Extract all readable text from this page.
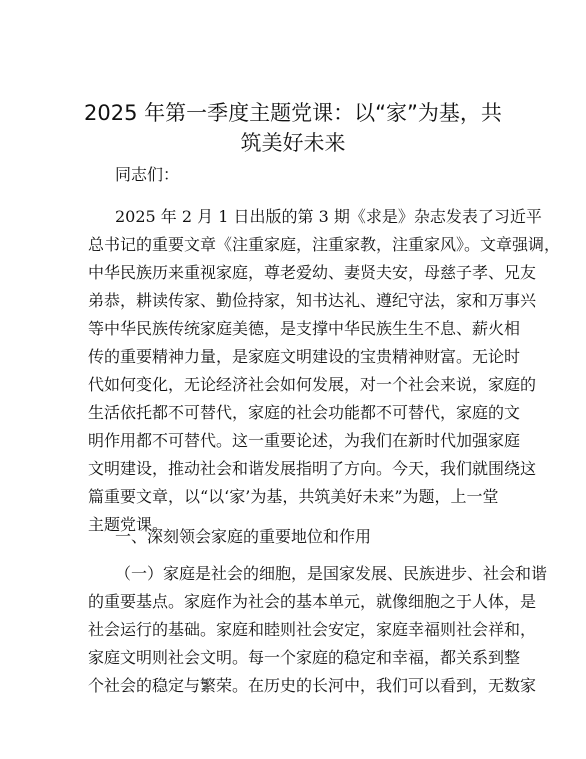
2025 年第一季度主题党课：以“家”为基，共
筑美好未来
同志们：
2025 年 2 月 1 日出版的第 3 期《求是》杂志发表了习近平
总书记的重要文章《注重家庭，注重家教，注重家风》。文章强调，
中华民族历来重视家庭，尊老爱幼、妻贤夫安，母慈子孝、兄友
弟恭，耕读传家、勤俭持家，知书达礼、遵纪守法，家和万事兴
等中华民族传统家庭美德，是支撑中华民族生生不息、薪火相
传的重要精神力量，是家庭文明建设的宝贵精神财富。无论时
代如何变化，无论经济社会如何发展，对一个社会来说，家庭的
生活依托都不可替代，家庭的社会功能都不可替代，家庭的文
明作用都不可替代。这一重要论述，为我们在新时代加强家庭
文明建设，推动社会和谐发展指明了方向。今天，我们就围绕这
篇重要文章，以“以‘家’为基，共筑美好未来”为题，上一堂
主题党课。
一、深刻领会家庭的重要地位和作用
（一）家庭是社会的细胞，是国家发展、民族进步、社会和谐
的重要基点。家庭作为社会的基本单元，就像细胞之于人体，是
社会运行的基础。家庭和睦则社会安定，家庭幸福则社会祥和，
家庭文明则社会文明。每一个家庭的稳定和幸福，都关系到整
个社会的稳定与繁荣。在历史的长河中，我们可以看到，无数家
